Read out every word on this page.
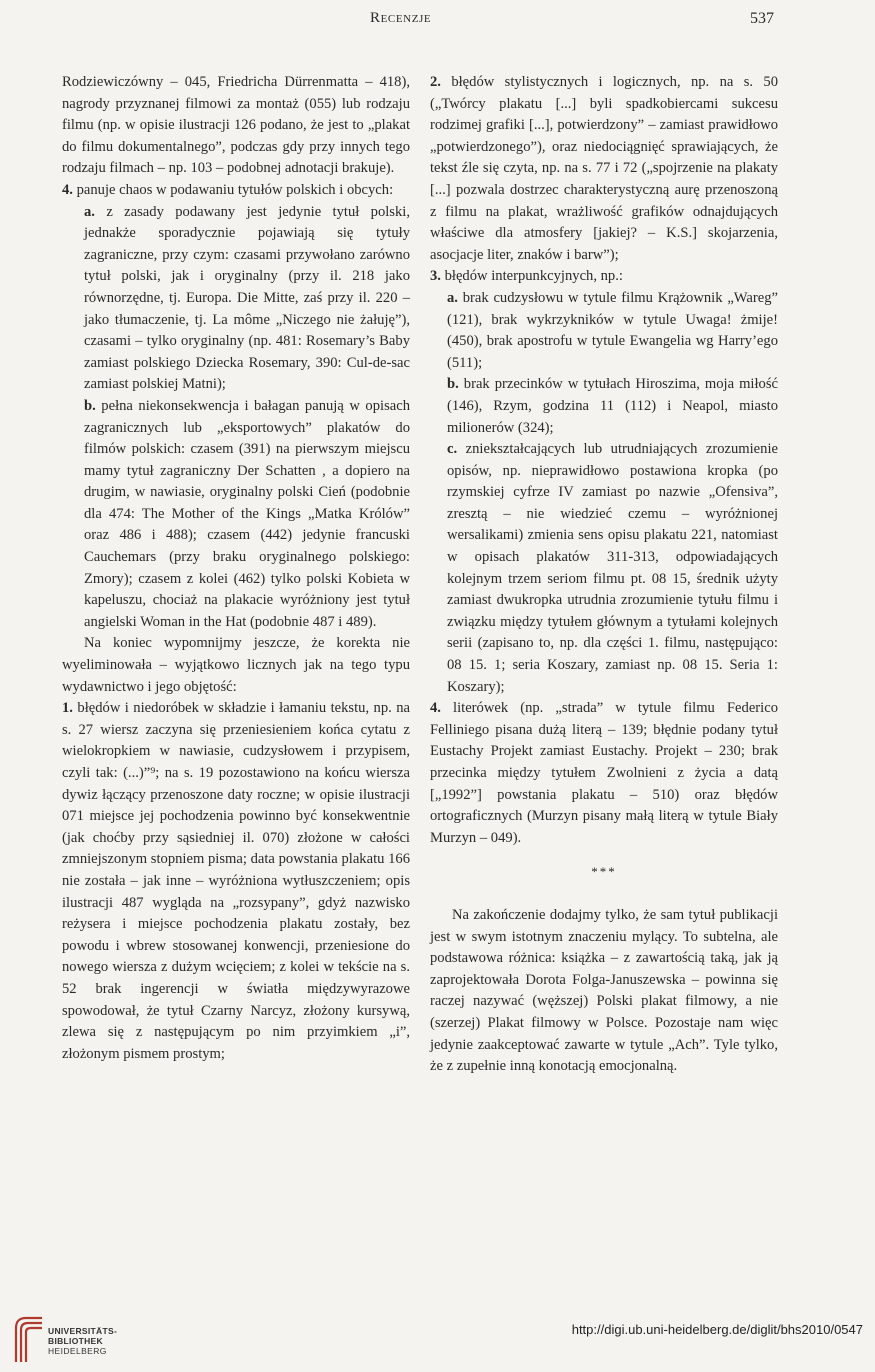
Recenzje	537

Rodziewiczówny – 045, Friedricha Dürrenmatta – 418), nagrody przyznanej filmowi za montaż (055) lub rodzaju filmu (np. w opisie ilustracji 126 podano, że jest to „plakat do filmu dokumentalnego”, podczas gdy przy innych tego rodzaju filmach – np. 103 – podobnej adnotacji brakuje).

4. panuje chaos w podawaniu tytułów polskich i obcych:

a. z zasady podawany jest jedynie tytuł polski, jednakże sporadycznie pojawiają się tytuły zagraniczne, przy czym: czasami przywołano zarówno tytuł polski, jak i oryginalny (przy il. 218 jako równorzędne, tj. Europa. Die Mitte, zaś przy il. 220 – jako tłumaczenie, tj. La môme „Niczego nie żałuję”), czasami – tylko oryginalny (np. 481: Rosemary’s Baby zamiast polskiego Dziecka Rosemary, 390: Cul-de-sac zamiast polskiej Matni);

b. pełna niekonsekwencja i bałagan panują w opisach zagranicznych lub „eksportowych” plakatów do filmów polskich: czasem (391) na pierwszym miejscu mamy tytuł zagraniczny Der Schatten , a dopiero na drugim, w nawiasie, oryginalny polski Cień (podobnie dla 474: The Mother of the Kings „Matka Królów” oraz 486 i 488); czasem (442) jedynie francuski Cauchemars (przy braku oryginalnego polskiego: Zmory); czasem z kolei (462) tylko polski Kobieta w kapeluszu, chociaż na plakacie wyróżniony jest tytuł angielski Woman in the Hat (podobnie 487 i 489).

Na koniec wypomnijmy jeszcze, że korekta nie wyeliminowała – wyjątkowo licznych jak na tego typu wydawnictwo i jego objętość:

1. błędów i niedoróbek w składzie i łamaniu tekstu, np. na s. 27 wiersz zaczyna się przeniesieniem końca cytatu z wielokropkiem w nawiasie, cudzysłowem i przypisem, czyli tak: (...)”⁹; na s. 19 pozostawiono na końcu wiersza dywiz łączący przenoszone daty roczne; w opisie ilustracji 071 miejsce jej pochodzenia powinno być konsekwentnie (jak choćby przy sąsiedniej il. 070) złożone w całości zmniejszonym stopniem pisma; data powstania plakatu 166 nie została – jak inne – wyróżniona wytłuszczeniem; opis ilustracji 487 wygląda na „rozsypany”, gdyż nazwisko reżysera i miejsce pochodzenia plakatu zostały, bez powodu i wbrew stosowanej konwencji, przeniesione do nowego wiersza z dużym wcięciem; z kolei w tekście na s. 52 brak ingerencji w światła międzywyrazowe spowodował, że tytuł Czarny Narcyz, złożony kursywą, zlewa się z następującym po nim przyimkiem „i”, złożonym pismem prostym;

2. błędów stylistycznych i logicznych, np. na s. 50 („Twórcy plakatu [...] byli spadkobiercami sukcesu rodzimej grafiki [...], potwierdzony” – zamiast prawidłowo „potwierdzonego”), oraz niedociągnięć sprawiających, że tekst źle się czyta, np. na s. 77 i 72 („spojrzenie na plakaty [...] pozwala dostrzec charakterystyczną aurę przenoszoną z filmu na plakat, wrażliwość grafików odnajdujących właściwe dla atmosfery [jakiej? – K.S.] skojarzenia, asocjacje liter, znaków i barw”);

3. błędów interpunkcyjnych, np.:

a. brak cudzysłowu w tytule filmu Krążownik „Wareg” (121), brak wykrzykników w tytule Uwaga! żmije! (450), brak apostrofu w tytule Ewangelia wg Harry’ego (511);

b. brak przecinków w tytułach Hiroszima, moja miłość (146), Rzym, godzina 11 (112) i Neapol, miasto milionerów (324);

c. zniekształcających lub utrudniających zrozumienie opisów, np. nieprawidłowo postawiona kropka (po rzymskiej cyfrze IV zamiast po nazwie „Ofensiva”, zresztą – nie wiedzieć czemu – wyróżnionej wersalikami) zmienia sens opisu plakatu 221, natomiast w opisach plakatów 311-313, odpowiadających kolejnym trzem seriom filmu pt. 08 15, średnik użyty zamiast dwukropka utrudnia zrozumienie tytułu filmu i związku między tytułem głównym a tytułami kolejnych serii (zapisano to, np. dla części 1. filmu, następująco: 08 15. 1; seria Koszary, zamiast np. 08 15. Seria 1: Koszary);

4. literówek (np. „strada” w tytule filmu Federico Felliniego pisana dużą literą – 139; błędnie podany tytuł Eustachy Projekt zamiast Eustachy. Projekt – 230; brak przecinka między tytułem Zwolnieni z życia a datą [„1992”] powstania plakatu – 510) oraz błędów ortograficznych (Murzyn pisany małą literą w tytule Biały Murzyn – 049).

***

Na zakończenie dodajmy tylko, że sam tytuł publikacji jest w swym istotnym znaczeniu mylący. To subtelna, ale podstawowa różnica: książka – z zawartością taką, jak ją zaprojektowała Dorota Folga-Januszewska – powinna się raczej nazywać (węższej) Polski plakat filmowy, a nie (szerzej) Plakat filmowy w Polsce. Pozostaje nam więc jedynie zaakceptować zawarte w tytule „Ach”. Tyle tylko, że z zupełnie inną konotacją emocjonalną.

UNIVERSITÄTS-
BIBLIOTHEK
HEIDELBERG
http://digi.ub.uni-heidelberg.de/diglit/bhs2010/0547
